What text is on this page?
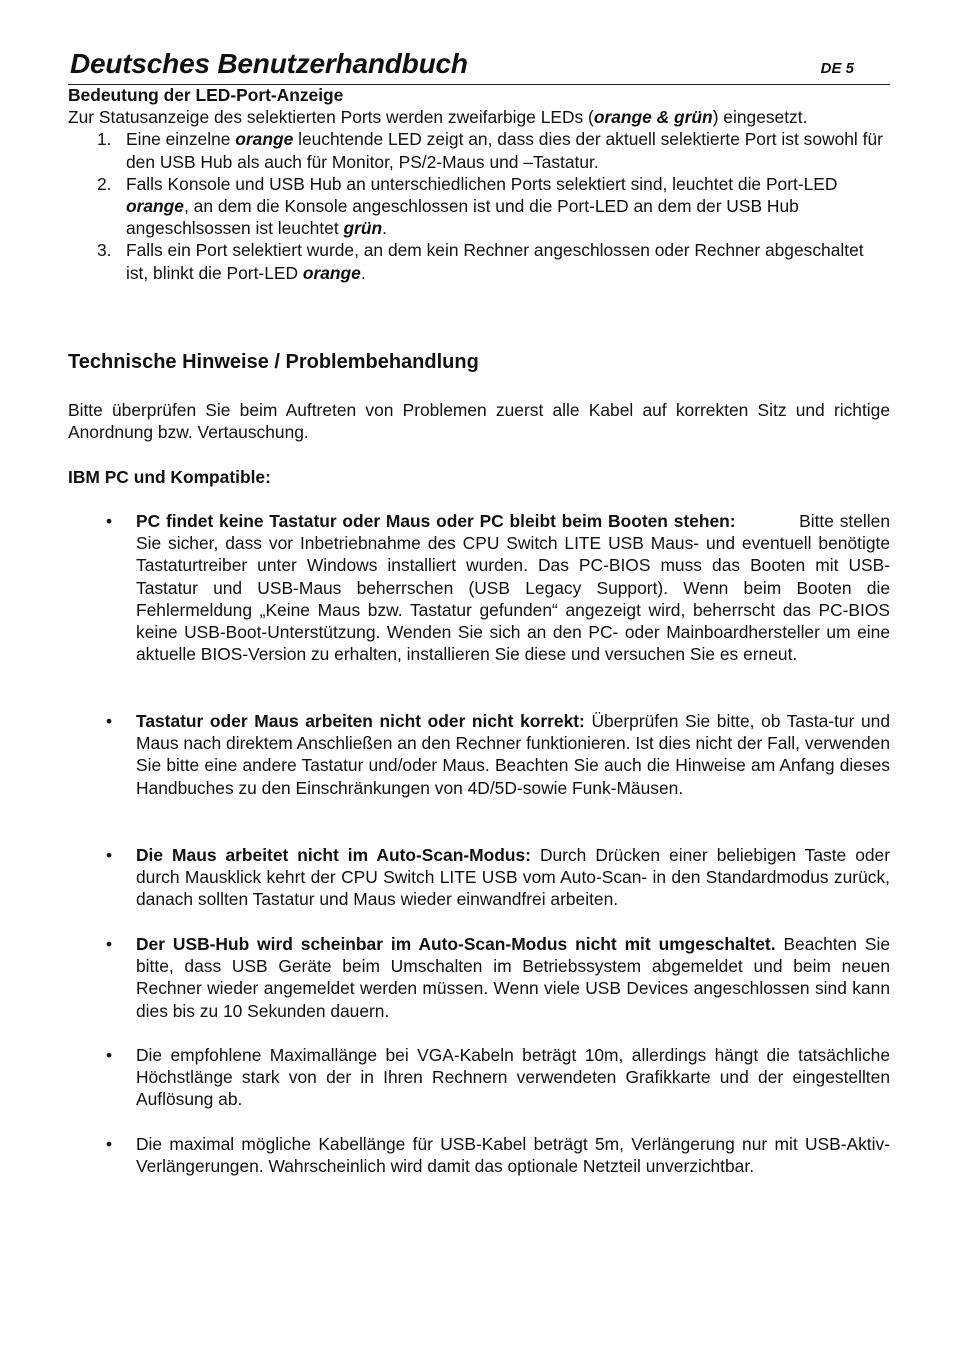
Deutsches Benutzerhandbuch	DE 5
Bedeutung der LED-Port-Anzeige
Zur Statusanzeige des selektierten Ports werden zweifarbige LEDs (orange & grün) eingesetzt.
1. Eine einzelne orange leuchtende LED zeigt an, dass dies der aktuell selektierte Port ist sowohl für den USB Hub als auch für Monitor, PS/2-Maus und –Tastatur.
2. Falls Konsole und USB Hub an unterschiedlichen Ports selektiert sind, leuchtet die Port-LED orange, an dem die Konsole angeschlossen ist und die Port-LED an dem der USB Hub angeschlsossen ist leuchtet grün.
3. Falls ein Port selektiert wurde, an dem kein Rechner angeschlossen oder Rechner abgeschaltet ist, blinkt die Port-LED orange.
Technische Hinweise / Problembehandlung
Bitte überprüfen Sie beim Auftreten von Problemen zuerst alle Kabel auf korrekten Sitz und richtige Anordnung bzw. Vertauschung.
IBM PC und Kompatible:
• PC findet keine Tastatur oder Maus oder PC bleibt beim Booten stehen:	Bitte stellen Sie sicher, dass vor Inbetriebnahme des CPU Switch LITE USB Maus- und eventuell benötigte Tastaturtreiber unter Windows installiert wurden. Das PC-BIOS muss das Booten mit USB-Tastatur und USB-Maus beherrschen (USB Legacy Support). Wenn beim Booten die Fehlermeldung „Keine Maus bzw. Tastatur gefunden“ angezeigt wird, beherrscht das PC-BIOS keine USB-Boot-Unterstützung. Wenden Sie sich an den PC- oder Mainboardhersteller um eine aktuelle BIOS-Version zu erhalten, installieren Sie diese und versuchen Sie es erneut.
• Tastatur oder Maus arbeiten nicht oder nicht korrekt: Überprüfen Sie bitte, ob Tasta-tur und Maus nach direktem Anschließen an den Rechner funktionieren. Ist dies nicht der Fall, verwenden Sie bitte eine andere Tastatur und/oder Maus. Beachten Sie auch die Hinweise am Anfang dieses Handbuches zu den Einschränkungen von 4D/5D-sowie Funk-Mäusen.
• Die Maus arbeitet nicht im Auto-Scan-Modus: Durch Drücken einer beliebigen Taste oder durch Mausklick kehrt der CPU Switch LITE USB vom Auto-Scan- in den Standardmodus zurück, danach sollten Tastatur und Maus wieder einwandfrei arbeiten.
• Der USB-Hub wird scheinbar im Auto-Scan-Modus nicht mit umgeschaltet. Beachten Sie bitte, dass USB Geräte beim Umschalten im Betriebssystem abgemeldet und beim neuen Rechner wieder angemeldet werden müssen. Wenn viele USB Devices angeschlossen sind kann dies bis zu 10 Sekunden dauern.
• Die empfohlene Maximallänge bei VGA-Kabeln beträgt 10m, allerdings hängt die tatsächliche Höchstlänge stark von der in Ihren Rechnern verwendeten Grafikkarte und der eingestellten Auflösung ab.
• Die maximal mögliche Kabellänge für USB-Kabel beträgt 5m, Verlängerung nur mit USB-Aktiv-Verlängerungen. Wahrscheinlich wird damit das optionale Netzteil unverzichtbar.
